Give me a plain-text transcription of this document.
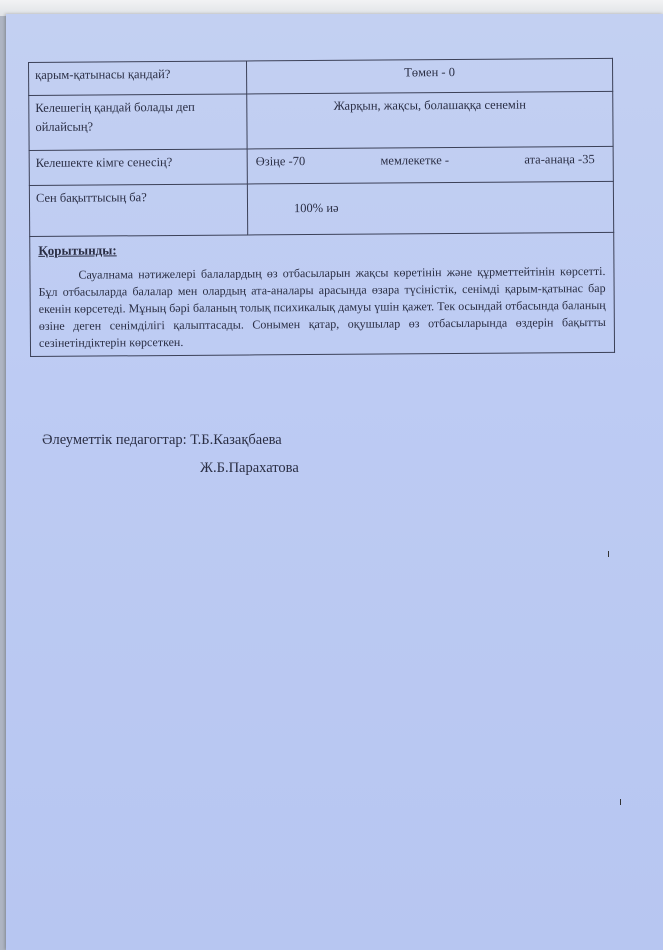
қарым-қатынасы қандай?	Төмен - 0
Келешегің қандай болады деп ойлайсың?	Жарқын, жақсы, болашаққа сенемін
Келешекте кімге сенесің?	Өзіңе -70 мемлекетке - ата-анаңа -35

Сен бақыттысың ба?	100% иә

Қорытынды:
Сауалнама нәтижелері балалардың өз отбасыларын жақсы көретінін және құрметтейтінін көрсетті. Бұл отбасыларда балалар мен олардың ата-аналары арасында өзара түсіністік, сенімді қарым-қатынас бар екенін көрсетеді. Мұның бәрі баланың толық психикалық дамуы үшін қажет. Тек осындай отбасында баланың өзіне деген сенімділігі қалыптасады. Сонымен қатар, оқушылар өз отбасыларында өздерін бақытты сезінетіндіктерін көрсеткен.	
Әлеуметтік педагогтар: Т.Б.Казақбаева
Ж.Б.Парахатова
